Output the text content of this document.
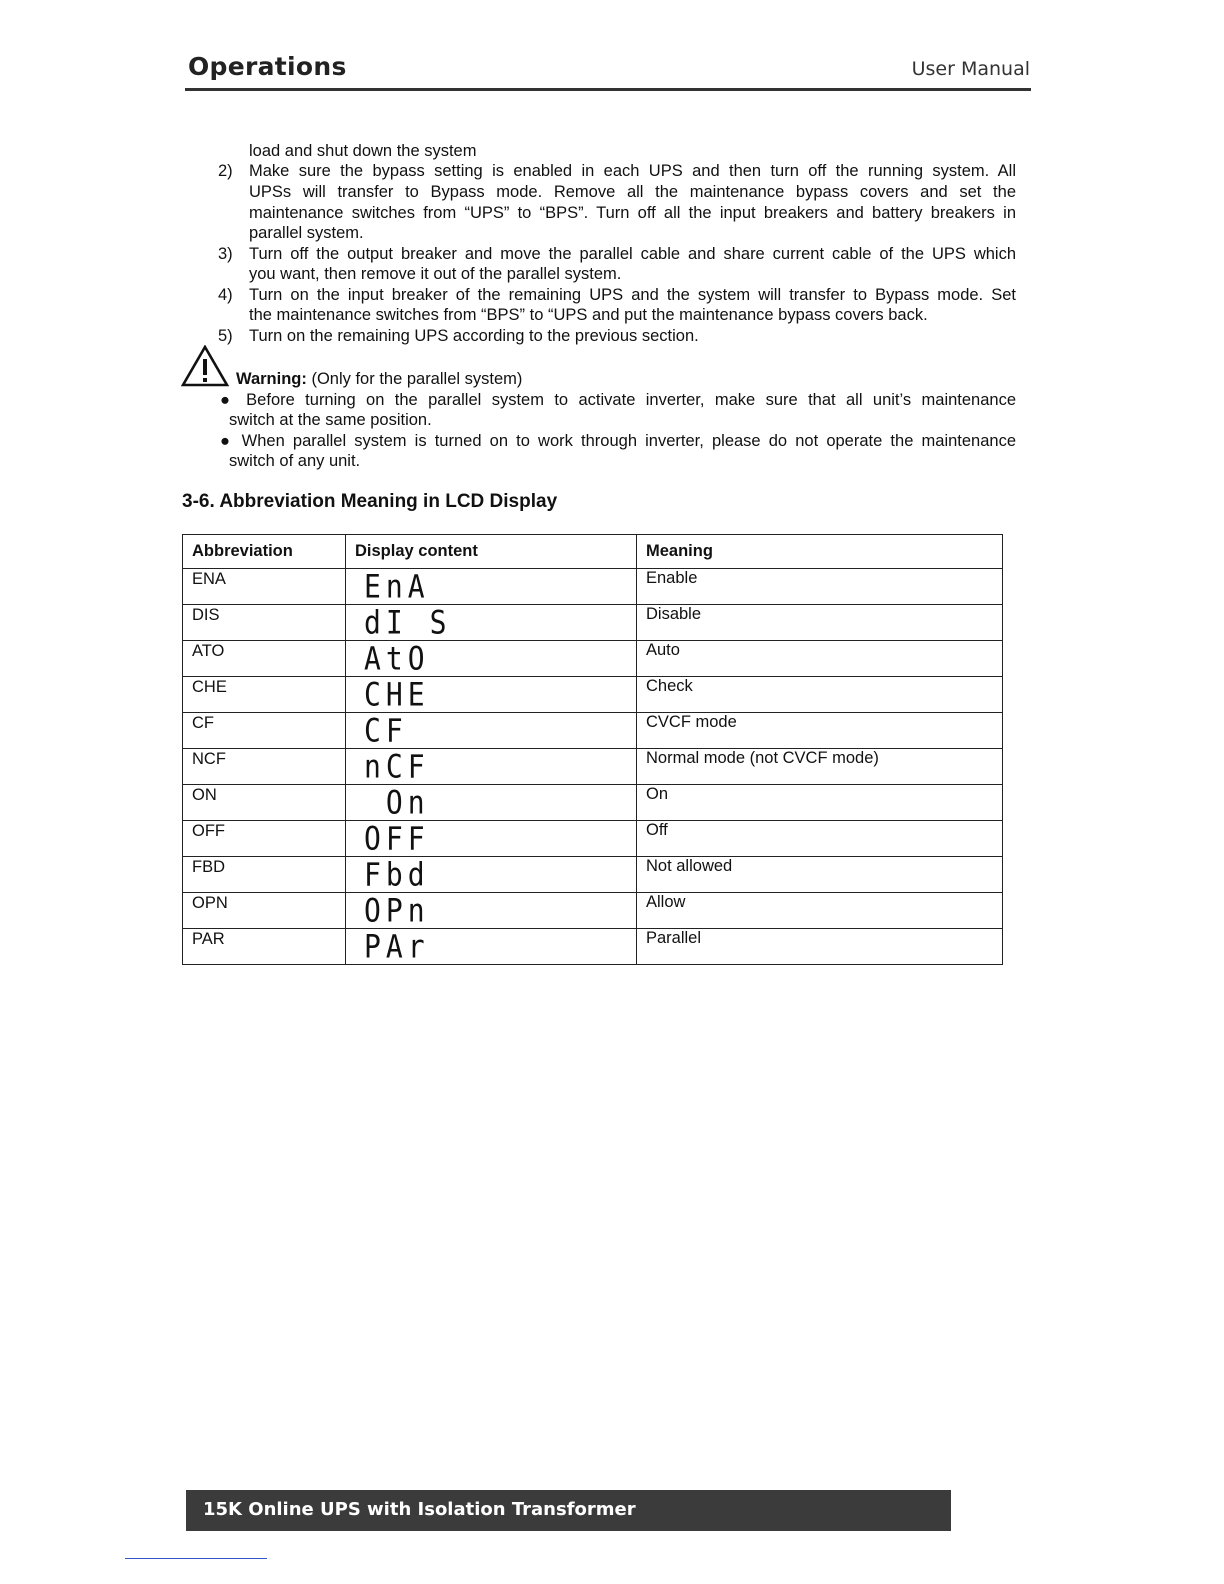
Operations	User Manual
load and shut down the system
2) Make sure the bypass setting is enabled in each UPS and then turn off the running system. All
UPSs will transfer to Bypass mode. Remove all the maintenance bypass covers and set the
maintenance switches from “UPS” to “BPS”. Turn off all the input breakers and battery breakers in
parallel system.
3) Turn off the output breaker and move the parallel cable and share current cable of the UPS which
you want, then remove it out of the parallel system.
4) Turn on the input breaker of the remaining UPS and the system will transfer to Bypass mode. Set
the maintenance switches from “BPS” to “UPS and put the maintenance bypass covers back.
5) Turn on the remaining UPS according to the previous section.
Warning: (Only for the parallel system)
● Before turning on the parallel system to activate inverter, make sure that all unit’s maintenance
switch at the same position.
● When parallel system is turned on to work through inverter, please do not operate the maintenance
switch of any unit.
3-6. Abbreviation Meaning in LCD Display
Abbreviation	Display content	Meaning
ENA	EnA	Enable
DIS	dI S	Disable
ATO	AtO	Auto
CHE	CHE	Check
CF	CF	CVCF mode
NCF	nCF	Normal mode (not CVCF mode)
ON	On	On
OFF	OFF	Off
FBD	Fbd	Not allowed
OPN	OPn	Allow
PAR	PAr	Parallel
15K Online UPS with Isolation Transformer
